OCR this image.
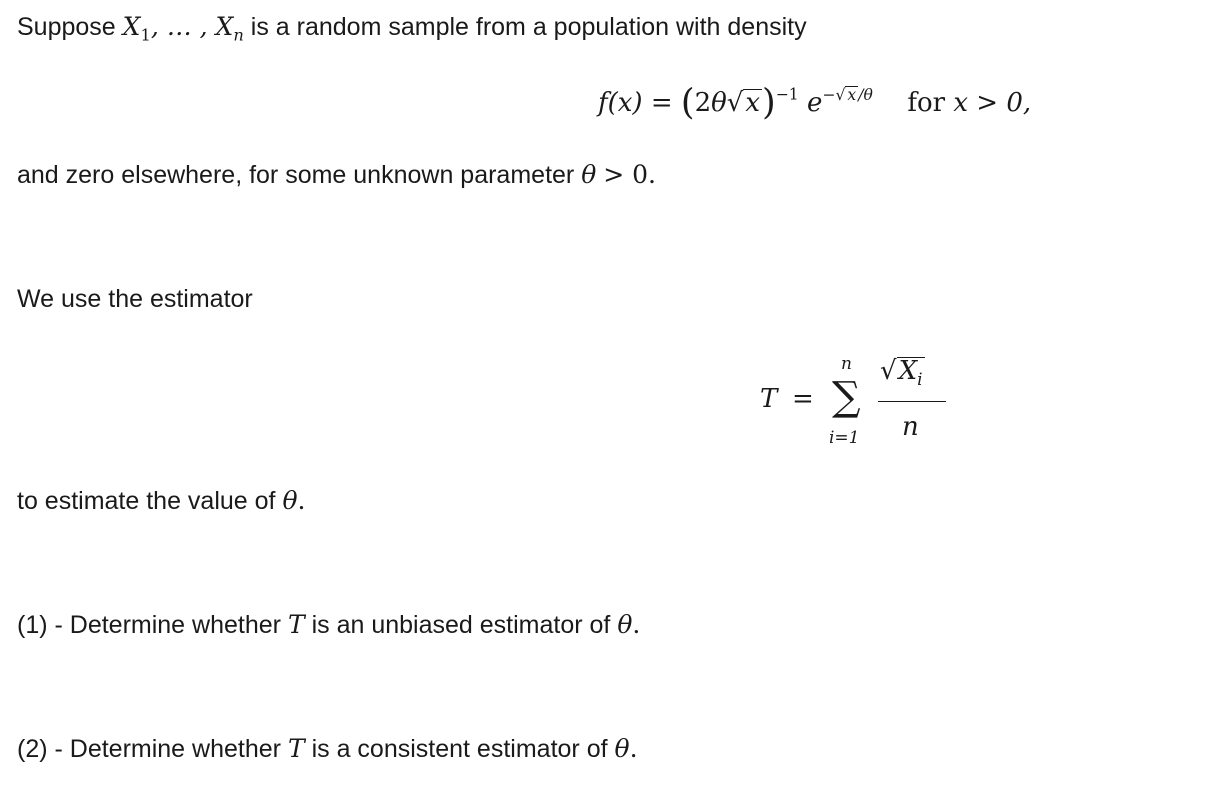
Suppose $X_1$, … , $X_n$ is a random sample from a population with density
$f(x) = (2\theta√x)^{-1}$ $e^{-√ x /\theta}$ for x > 0,
and zero elsewhere, for some unknown parameter θ > 0.
We use the estimator
T =
n
∑
i=1
$√X_i$
n
to estimate the value of θ.
(1) - Determine whether T is an unbiased estimator of θ.
(2) - Determine whether T is a consistent estimator of θ.
